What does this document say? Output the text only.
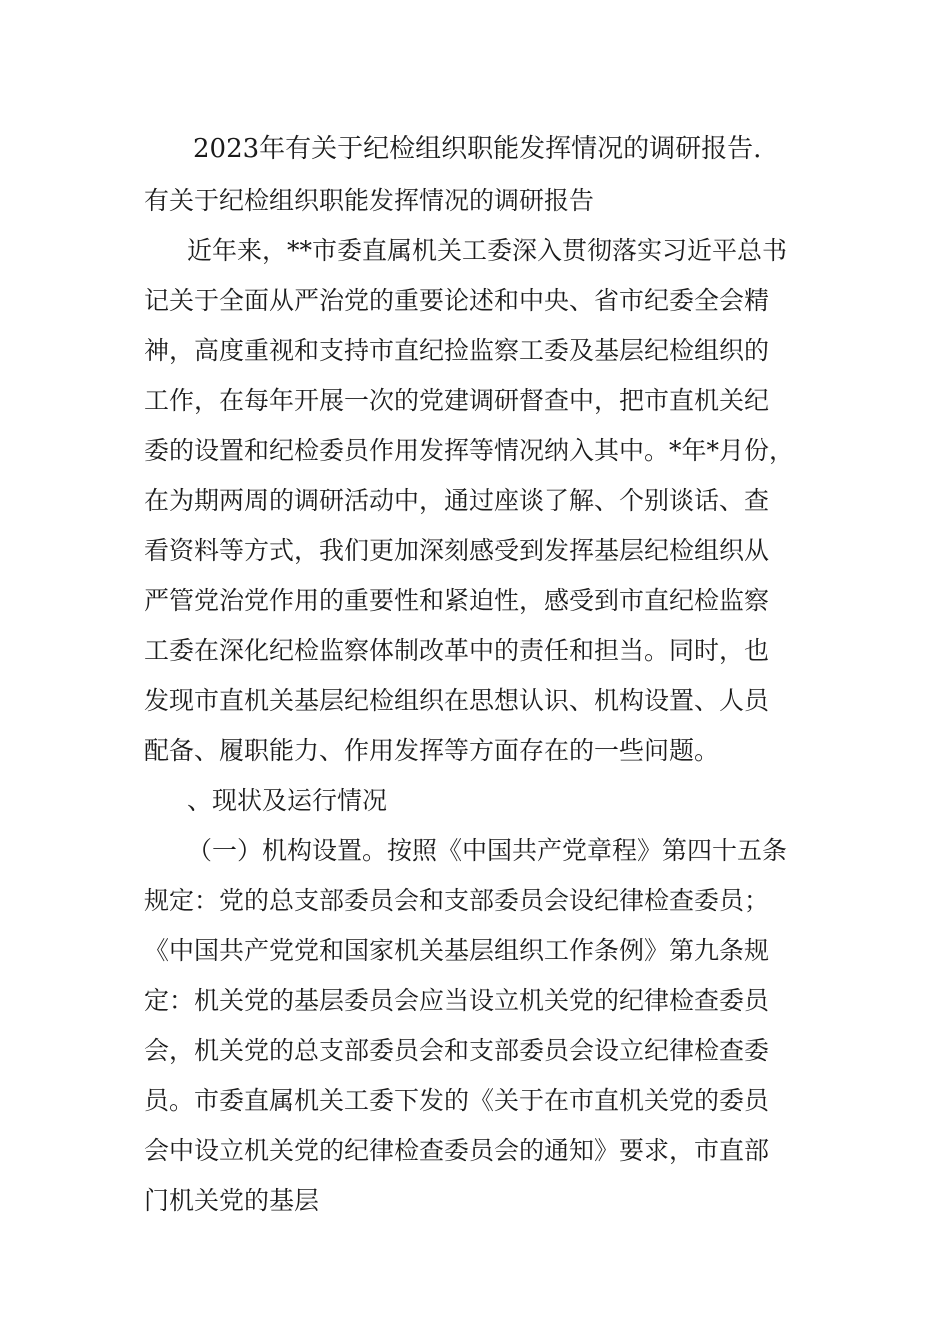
2023年有关于纪检组织职能发挥情况的调研报告.

有关于纪检组织职能发挥情况的调研报告

近年来，**市委直属机关工委深入贯彻落实习近平总书

记关于全面从严治党的重要论述和中央、省市纪委全会精

神，高度重视和支持市直纪捡监察工委及基层纪检组织的

工作，在每年开展一次的党建调研督查中，把市直机关纪

委的设置和纪检委员作用发挥等情况纳入其中。*年*月份，

在为期两周的调研活动中，通过座谈了解、个别谈话、查

看资料等方式，我们更加深刻感受到发挥基层纪检组织从

严管党治党作用的重要性和紧迫性，感受到市直纪检监察

工委在深化纪检监察体制改革中的责任和担当。同时，也

发现市直机关基层纪检组织在思想认识、机构设置、人员

配备、履职能力、作用发挥等方面存在的一些问题。

、现状及运行情况

（一）机构设置。按照《中国共产党章程》第四十五条

规定：党的总支部委员会和支部委员会设纪律检查委员；

《中国共产党党和国家机关基层组织工作条例》第九条规

定：机关党的基层委员会应当设立机关党的纪律检查委员

会，机关党的总支部委员会和支部委员会设立纪律检查委

员。市委直属机关工委下发的《关于在市直机关党的委员

会中设立机关党的纪律检查委员会的通知》要求，市直部

门机关党的基层
